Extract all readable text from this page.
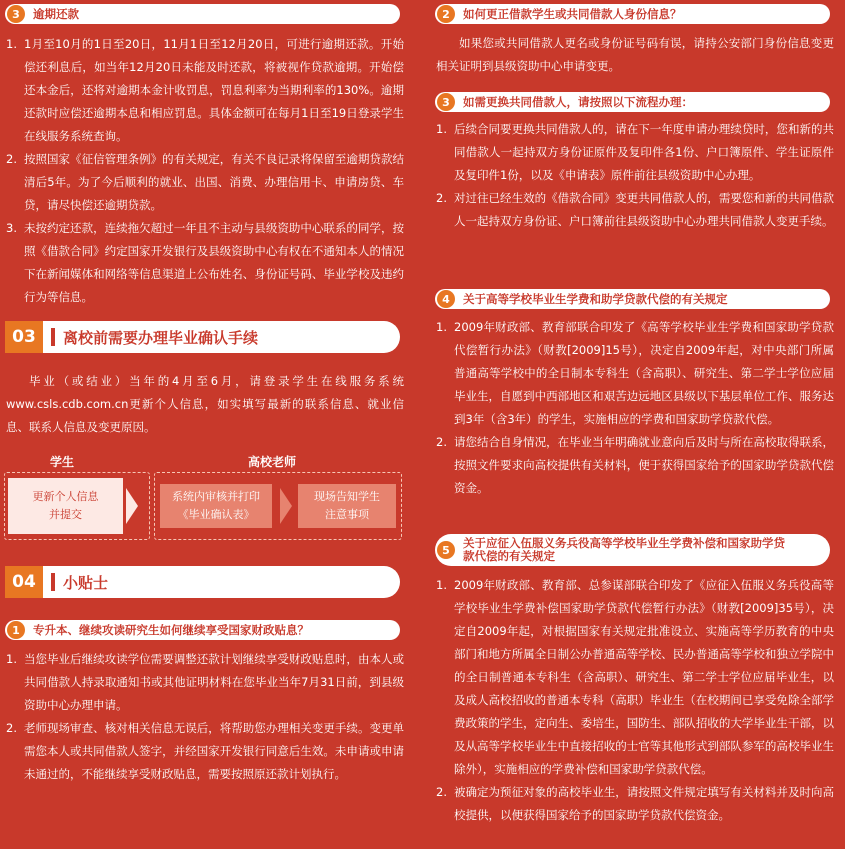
3	逾期还款
1. 1月至10月的1日至20日，11月1日至12月20日，可进行逾期还款。开始偿还利息后，如当年12月20日未能及时还款，将被视作贷款逾期。开始偿还本金后，还将对逾期本金计收罚息，罚息利率为当期利率的130%。逾期还款时应偿还逾期本息和相应罚息。具体金额可在每月1日至19日登录学生在线服务系统查询。
2. 按照国家《征信管理条例》的有关规定，有关不良记录将保留至逾期贷款结清后5年。为了今后顺利的就业、出国、消费、办理信用卡、申请房贷、车贷，请尽快偿还逾期贷款。
3. 未按约定还款，连续拖欠超过一年且不主动与县级资助中心联系的同学，按照《借款合同》约定国家开发银行及县级资助中心有权在不通知本人的情况下在新闻媒体和网络等信息渠道上公布姓名、身份证号码、毕业学校及违约行为等信息。
03	离校前需要办理毕业确认手续

毕业（或结业）当年的4月至6月，请登录学生在线服务系统www.csls.cdb.com.cn更新个人信息，如实填写最新的联系信息、就业信息、联系人信息及变更原因。

学生	高校老师
更新个人信息
并提交
系统内审核并打印
《毕业确认表》
现场告知学生
注意事项
04	小贴士
1	专升本、继续攻读研究生如何继续享受国家财政贴息？
1. 当您毕业后继续攻读学位需要调整还款计划继续享受财政贴息时，由本人或共同借款人持录取通知书或其他证明材料在您毕业当年7月31日前，到县级资助中心办理申请。
2. 老师现场审查、核对相关信息无误后，将帮助您办理相关变更手续。变更单需您本人或共同借款人签字，并经国家开发银行同意后生效。未申请或申请未通过的，不能继续享受财政贴息，需要按照原还款计划执行。
2	如何更正借款学生或共同借款人身份信息？

如果您或共同借款人更名或身份证号码有误，请持公安部门身份信息变更相关证明到县级资助中心申请变更。

3	如需更换共同借款人，请按照以下流程办理：
1. 后续合同要更换共同借款人的，请在下一年度申请办理续贷时，您和新的共同借款人一起持双方身份证原件及复印件各1份、户口簿原件、学生证原件及复印件1份，以及《申请表》原件前往县级资助中心办理。
2. 对过往已经生效的《借款合同》变更共同借款人的，需要您和新的共同借款人一起持双方身份证、户口簿前往县级资助中心办理共同借款人变更手续。
4	关于高等学校毕业生学费和助学贷款代偿的有关规定
1. 2009年财政部、教育部联合印发了《高等学校毕业生学费和国家助学贷款代偿暂行办法》（财教[2009]15号），决定自2009年起，对中央部门所属普通高等学校中的全日制本专科生（含高职）、研究生、第二学士学位应届毕业生，自愿到中西部地区和艰苦边远地区县级以下基层单位工作、服务达到3年（含3年）的学生，实施相应的学费和国家助学贷款代偿。
2. 请您结合自身情况，在毕业当年明确就业意向后及时与所在高校取得联系，按照文件要求向高校提供有关材料，便于获得国家给予的国家助学贷款代偿资金。
5	关于应征入伍服义务兵役高等学校毕业生学费补偿和国家助学贷款代偿的有关规定
1. 2009年财政部、教育部、总参谋部联合印发了《应征入伍服义务兵役高等学校毕业生学费补偿国家助学贷款代偿暂行办法》（财教[2009]35号），决定自2009年起，对根据国家有关规定批准设立、实施高等学历教育的中央部门和地方所属全日制公办普通高等学校、民办普通高等学校和独立学院中的全日制普通本专科生（含高职）、研究生、第二学士学位应届毕业生，以及成人高校招收的普通本专科（高职）毕业生（在校期间已享受免除全部学费政策的学生，定向生、委培生，国防生、部队招收的大学毕业生干部，以及从高等学校毕业生中直接招收的士官等其他形式到部队参军的高校毕业生除外），实施相应的学费补偿和国家助学贷款代偿。
2. 被确定为预征对象的高校毕业生，请按照文件规定填写有关材料并及时向高校提供，以便获得国家给予的国家助学贷款代偿资金。
